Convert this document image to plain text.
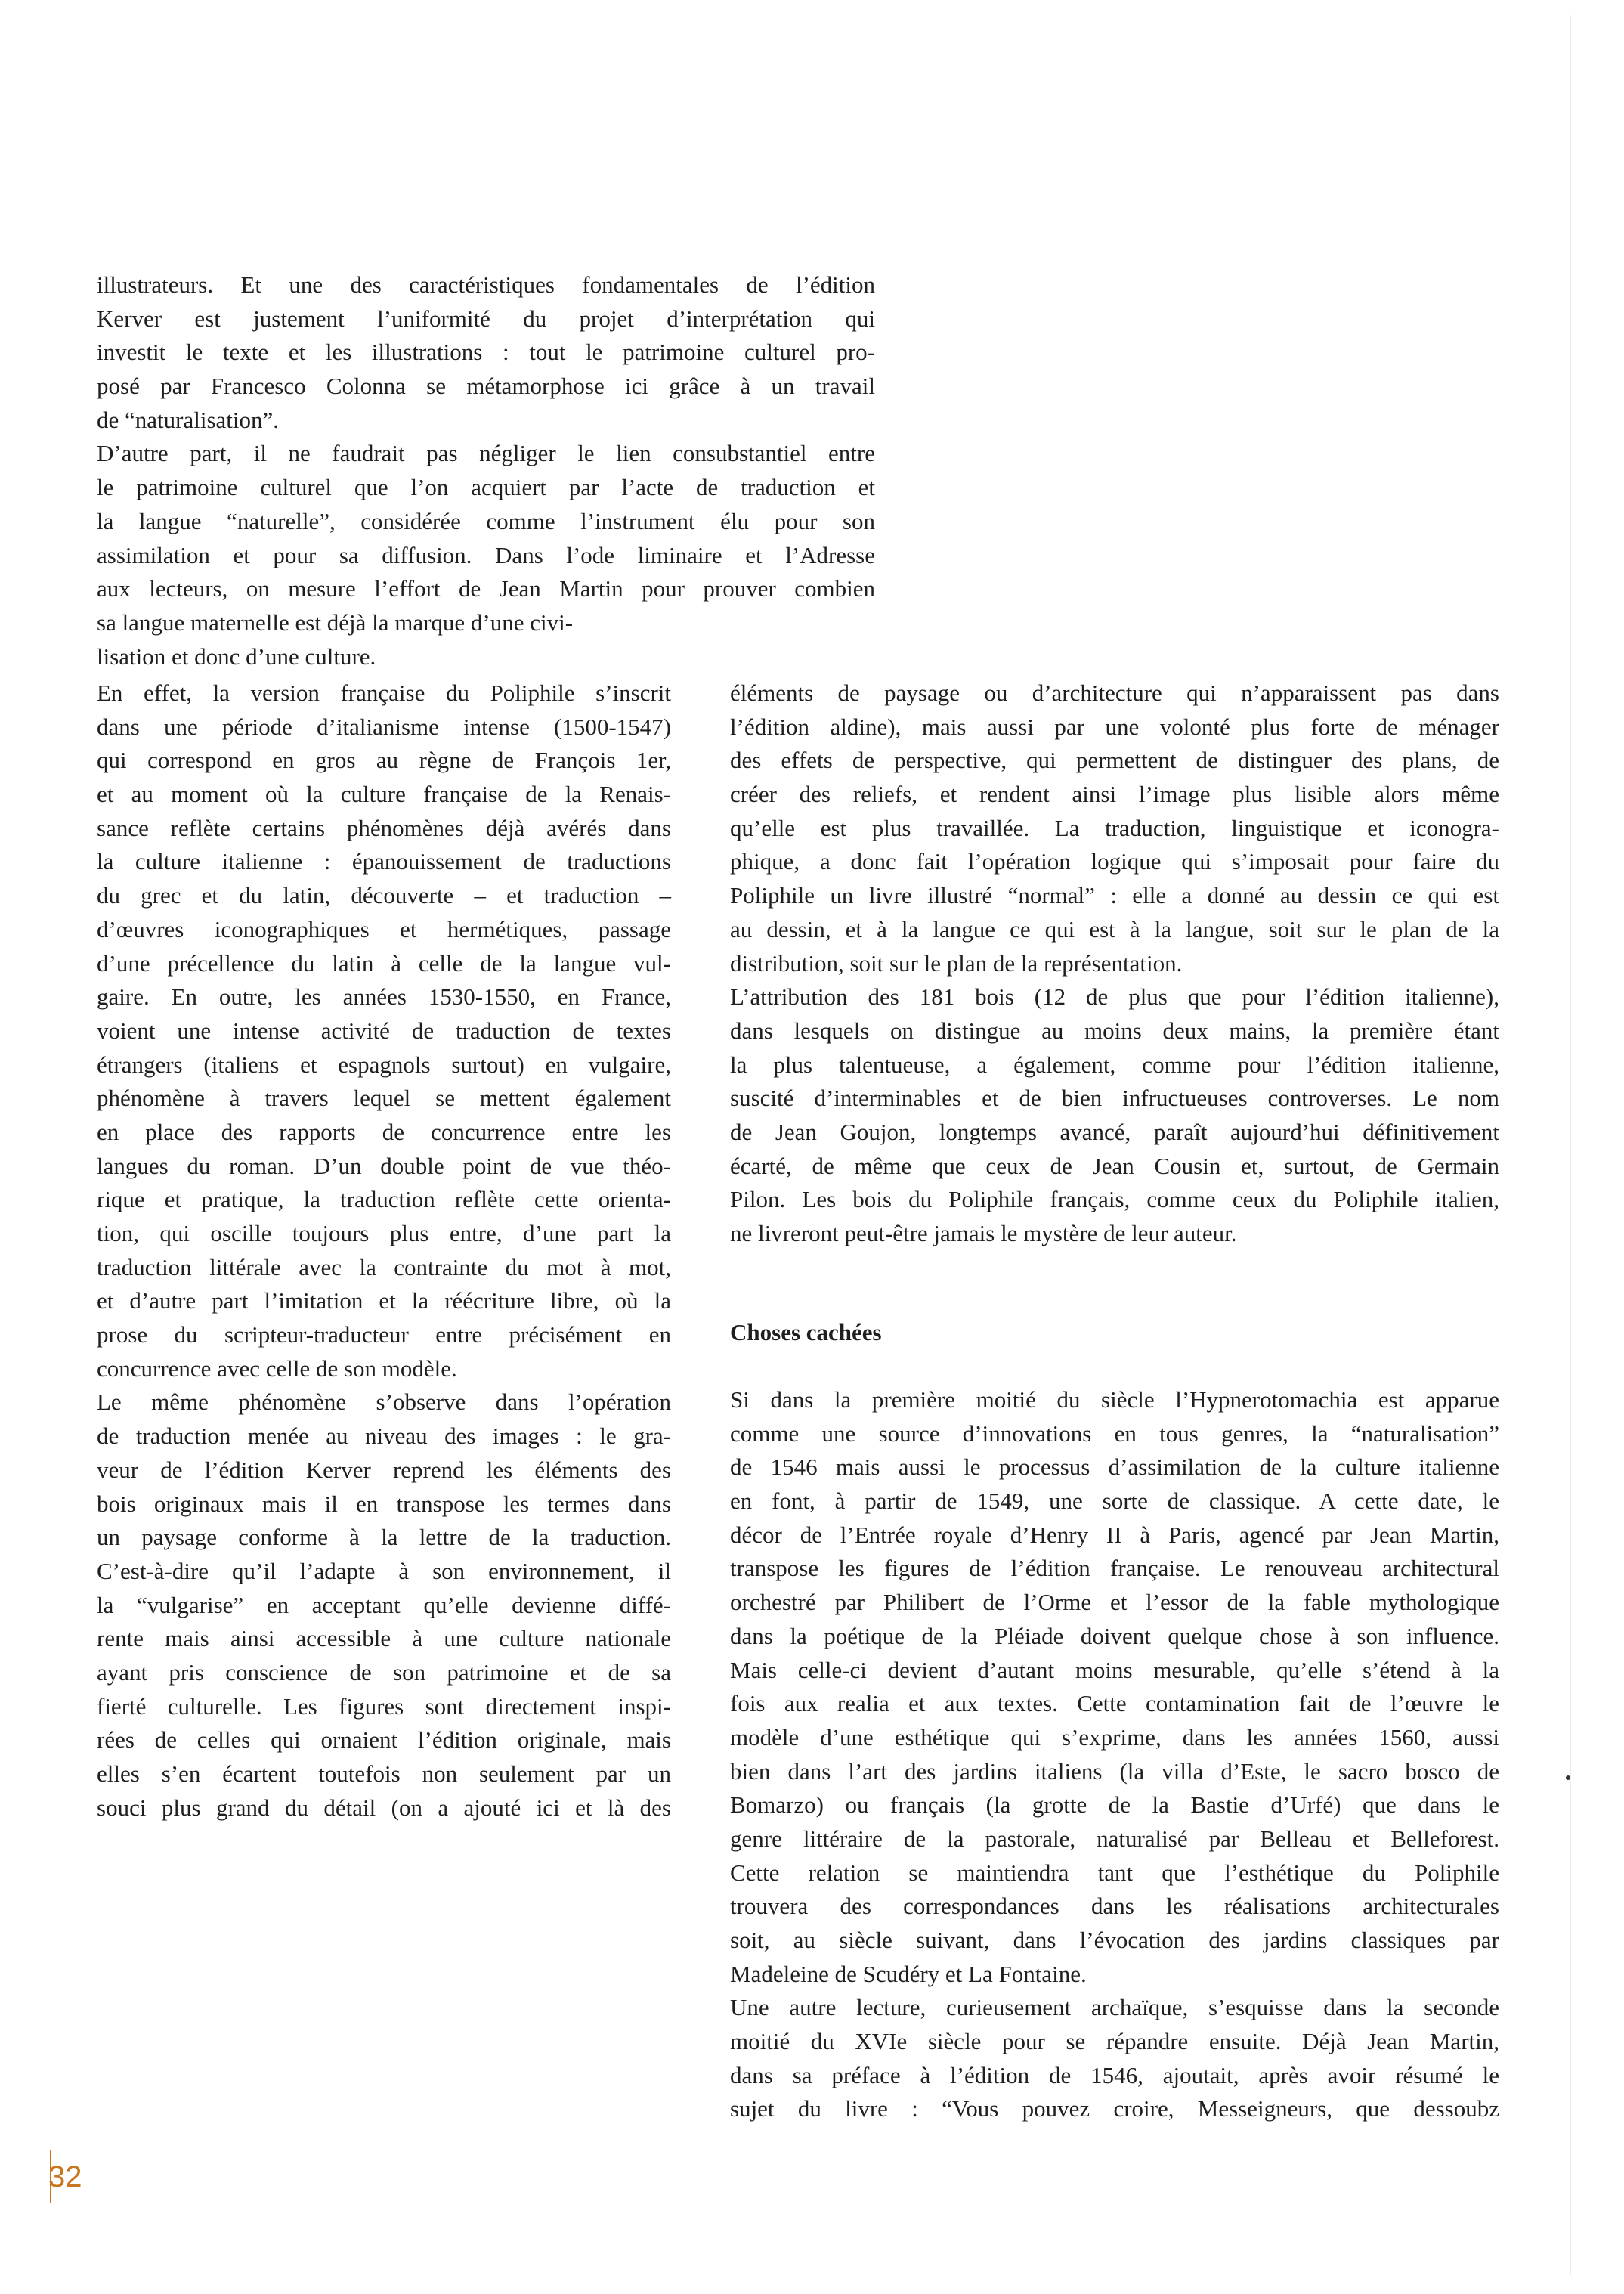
illustrateurs. Et une des caractéristiques fondamentales de l’édition
Kerver est justement l’uniformité du projet d’interprétation qui
investit le texte et les illustrations : tout le patrimoine culturel pro-
posé par Francesco Colonna se métamorphose ici grâce à un travail
de “naturalisation”.
D’autre part, il ne faudrait pas négliger le lien consubstantiel entre
le patrimoine culturel que l’on acquiert par l’acte de traduction et
la langue “naturelle”, considérée comme l’instrument élu pour son
assimilation et pour sa diffusion. Dans l’ode liminaire et l’Adresse
aux lecteurs, on mesure l’effort de Jean Martin pour prouver combien
sa langue maternelle est déjà la marque d’une civi-
lisation et donc d’une culture.
En effet, la version française du Poliphile s’inscrit
dans une période d’italianisme intense (1500-1547)
qui correspond en gros au règne de François 1er,
et au moment où la culture française de la Renais-
sance reflète certains phénomènes déjà avérés dans
la culture italienne : épanouissement de traductions
du grec et du latin, découverte – et traduction –
d’œuvres iconographiques et hermétiques, passage
d’une précellence du latin à celle de la langue vul-
gaire. En outre, les années 1530-1550, en France,
voient une intense activité de traduction de textes
étrangers (italiens et espagnols surtout) en vulgaire,
phénomène à travers lequel se mettent également
en place des rapports de concurrence entre les
langues du roman. D’un double point de vue théo-
rique et pratique, la traduction reflète cette orienta-
tion, qui oscille toujours plus entre, d’une part la
traduction littérale avec la contrainte du mot à mot,
et d’autre part l’imitation et la réécriture libre, où la
prose du scripteur-traducteur entre précisément en
concurrence avec celle de son modèle.
Le même phénomène s’observe dans l’opération
de traduction menée au niveau des images : le gra-
veur de l’édition Kerver reprend les éléments des
bois originaux mais il en transpose les termes dans
un paysage conforme à la lettre de la traduction.
C’est-à-dire qu’il l’adapte à son environnement, il
la “vulgarise” en acceptant qu’elle devienne diffé-
rente mais ainsi accessible à une culture nationale
ayant pris conscience de son patrimoine et de sa
fierté culturelle. Les figures sont directement inspi-
rées de celles qui ornaient l’édition originale, mais
elles s’en écartent toutefois non seulement par un
souci plus grand du détail (on a ajouté ici et là des
éléments de paysage ou d’architecture qui n’apparaissent pas dans
l’édition aldine), mais aussi par une volonté plus forte de ménager
des effets de perspective, qui permettent de distinguer des plans, de
créer des reliefs, et rendent ainsi l’image plus lisible alors même
qu’elle est plus travaillée. La traduction, linguistique et iconogra-
phique, a donc fait l’opération logique qui s’imposait pour faire du
Poliphile un livre illustré “normal” : elle a donné au dessin ce qui est
au dessin, et à la langue ce qui est à la langue, soit sur le plan de la
distribution, soit sur le plan de la représentation.
L’attribution des 181 bois (12 de plus que pour l’édition italienne),
dans lesquels on distingue au moins deux mains, la première étant
la plus talentueuse, a également, comme pour l’édition italienne,
suscité d’interminables et de bien infructueuses controverses. Le nom
de Jean Goujon, longtemps avancé, paraît aujourd’hui définitivement
écarté, de même que ceux de Jean Cousin et, surtout, de Germain
Pilon. Les bois du Poliphile français, comme ceux du Poliphile italien,
ne livreront peut-être jamais le mystère de leur auteur.
Choses cachées
Si dans la première moitié du siècle l’Hypnerotomachia est apparue
comme une source d’innovations en tous genres, la “naturalisation”
de 1546 mais aussi le processus d’assimilation de la culture italienne
en font, à partir de 1549, une sorte de classique. A cette date, le
décor de l’Entrée royale d’Henry II à Paris, agencé par Jean Martin,
transpose les figures de l’édition française. Le renouveau architectural
orchestré par Philibert de l’Orme et l’essor de la fable mythologique
dans la poétique de la Pléiade doivent quelque chose à son influence.
Mais celle-ci devient d’autant moins mesurable, qu’elle s’étend à la
fois aux realia et aux textes. Cette contamination fait de l’œuvre le
modèle d’une esthétique qui s’exprime, dans les années 1560, aussi
bien dans l’art des jardins italiens (la villa d’Este, le sacro bosco de
Bomarzo) ou français (la grotte de la Bastie d’Urfé) que dans le
genre littéraire de la pastorale, naturalisé par Belleau et Belleforest.
Cette relation se maintiendra tant que l’esthétique du Poliphile
trouvera des correspondances dans les réalisations architecturales
soit, au siècle suivant, dans l’évocation des jardins classiques par
Madeleine de Scudéry et La Fontaine.
Une autre lecture, curieusement archaïque, s’esquisse dans la seconde
moitié du XVIe siècle pour se répandre ensuite. Déjà Jean Martin,
dans sa préface à l’édition de 1546, ajoutait, après avoir résumé le
sujet du livre : “Vous pouvez croire, Messeigneurs, que dessoubz
32
